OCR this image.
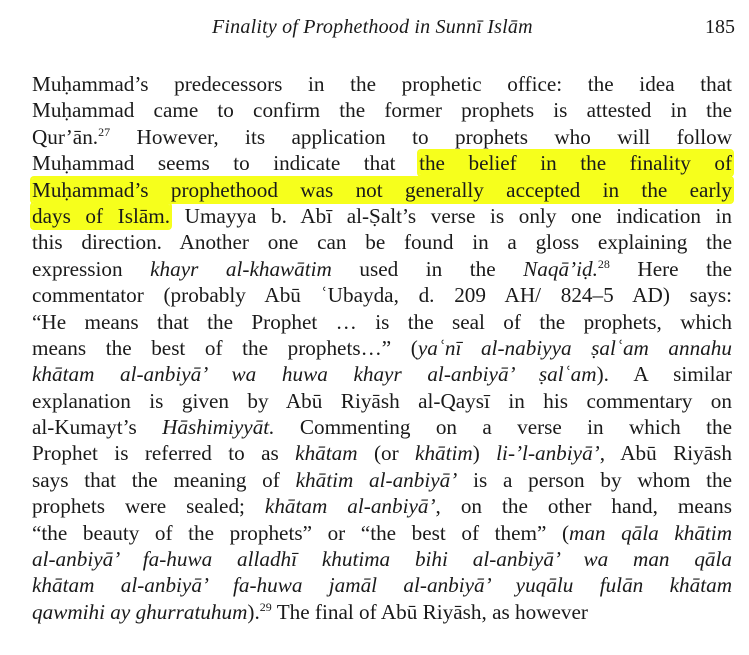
Finality of Prophethood in Sunnī Islām	185
Muḥammad’s predecessors in the prophetic office: the idea that
Muḥammad came to confirm the former prophets is attested in the
Qur’ān.$^{27}$ However, its application to prophets who will follow
Muḥammad seems to indicate that the belief in the finality of
Muḥammad’s prophethood was not generally accepted in the early
days of Islām. Umayya b. Abī al-Ṣalt’s verse is only one indication in
this direction. Another one can be found in a gloss explaining the
expression khayr al-khawātim used in the Naqā’iḍ.$^{28}$ Here the
commentator (probably Abū ʿUbayda, d. 209 AH/ 824–5 AD) says:
“He means that the Prophet … is the seal of the prophets, which
means the best of the prophets…” (yaʿnī al-nabiyya ṣalʿam annahu
khātam al-anbiyā’ wa huwa khayr al-anbiyā’ ṣalʿam). A similar
explanation is given by Abū Riyāsh al-Qaysī in his commentary on
al-Kumayt’s Hāshimiyyāt. Commenting on a verse in which the
Prophet is referred to as khātam (or khātim) li-’l-anbiyā’, Abū Riyāsh
says that the meaning of khātim al-anbiyā’ is a person by whom the
prophets were sealed; khātam al-anbiyā’, on the other hand, means
“the beauty of the prophets” or “the best of them” (man qāla khātim
al-anbiyā’ fa-huwa alladhī khutima bihi al-anbiyā’ wa man qāla
khātam al-anbiyā’ fa-huwa jamāl al-anbiyā’ yuqālu fulān khātam
qawmihi ay ghurratuhum).$^{29}$ The final of Abū Riyāsh, as however
